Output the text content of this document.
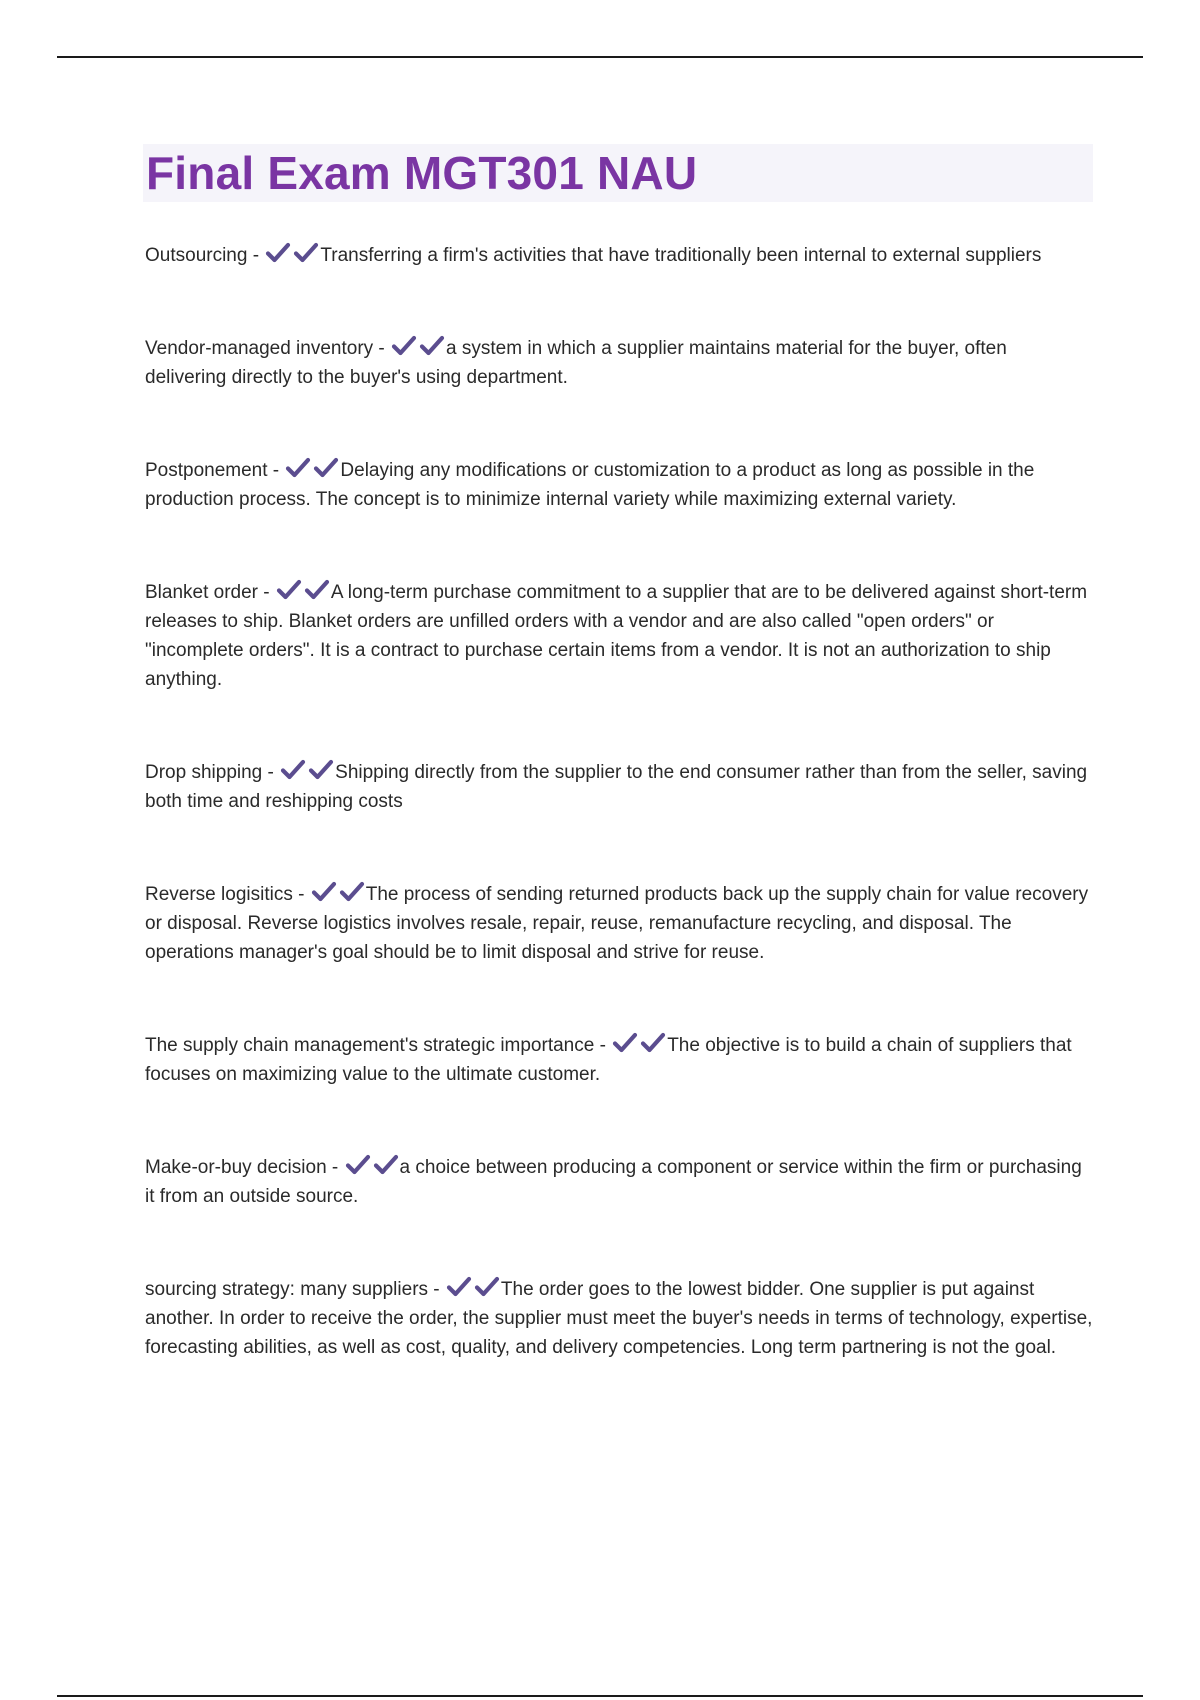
Final Exam MGT301 NAU

Outsourcing -	Transferring a firm's activities that have traditionally been internal to external suppliers

Vendor-managed inventory -	a system in which a supplier maintains material for the buyer, often delivering directly to the buyer's using department.

Postponement -	Delaying any modifications or customization to a product as long as possible in the production process. The concept is to minimize internal variety while maximizing external variety.

Blanket order -	A long-term purchase commitment to a supplier that are to be delivered against short-term releases to ship. Blanket orders are unfilled orders with a vendor and are also called "open orders" or "incomplete orders". It is a contract to purchase certain items from a vendor. It is not an authorization to ship anything.

Drop shipping -	Shipping directly from the supplier to the end consumer rather than from the seller, saving both time and reshipping costs

Reverse logisitics -	The process of sending returned products back up the supply chain for value recovery or disposal. Reverse logistics involves resale, repair, reuse, remanufacture recycling, and disposal. The operations manager's goal should be to limit disposal and strive for reuse.

The supply chain management's strategic importance -	The objective is to build a chain of suppliers that focuses on maximizing value to the ultimate customer.

Make-or-buy decision -	a choice between producing a component or service within the firm or purchasing it from an outside source.

sourcing strategy: many suppliers -	The order goes to the lowest bidder. One supplier is put against another. In order to receive the order, the supplier must meet the buyer's needs in terms of technology, expertise, forecasting abilities, as well as cost, quality, and delivery competencies. Long term partnering is not the goal.
